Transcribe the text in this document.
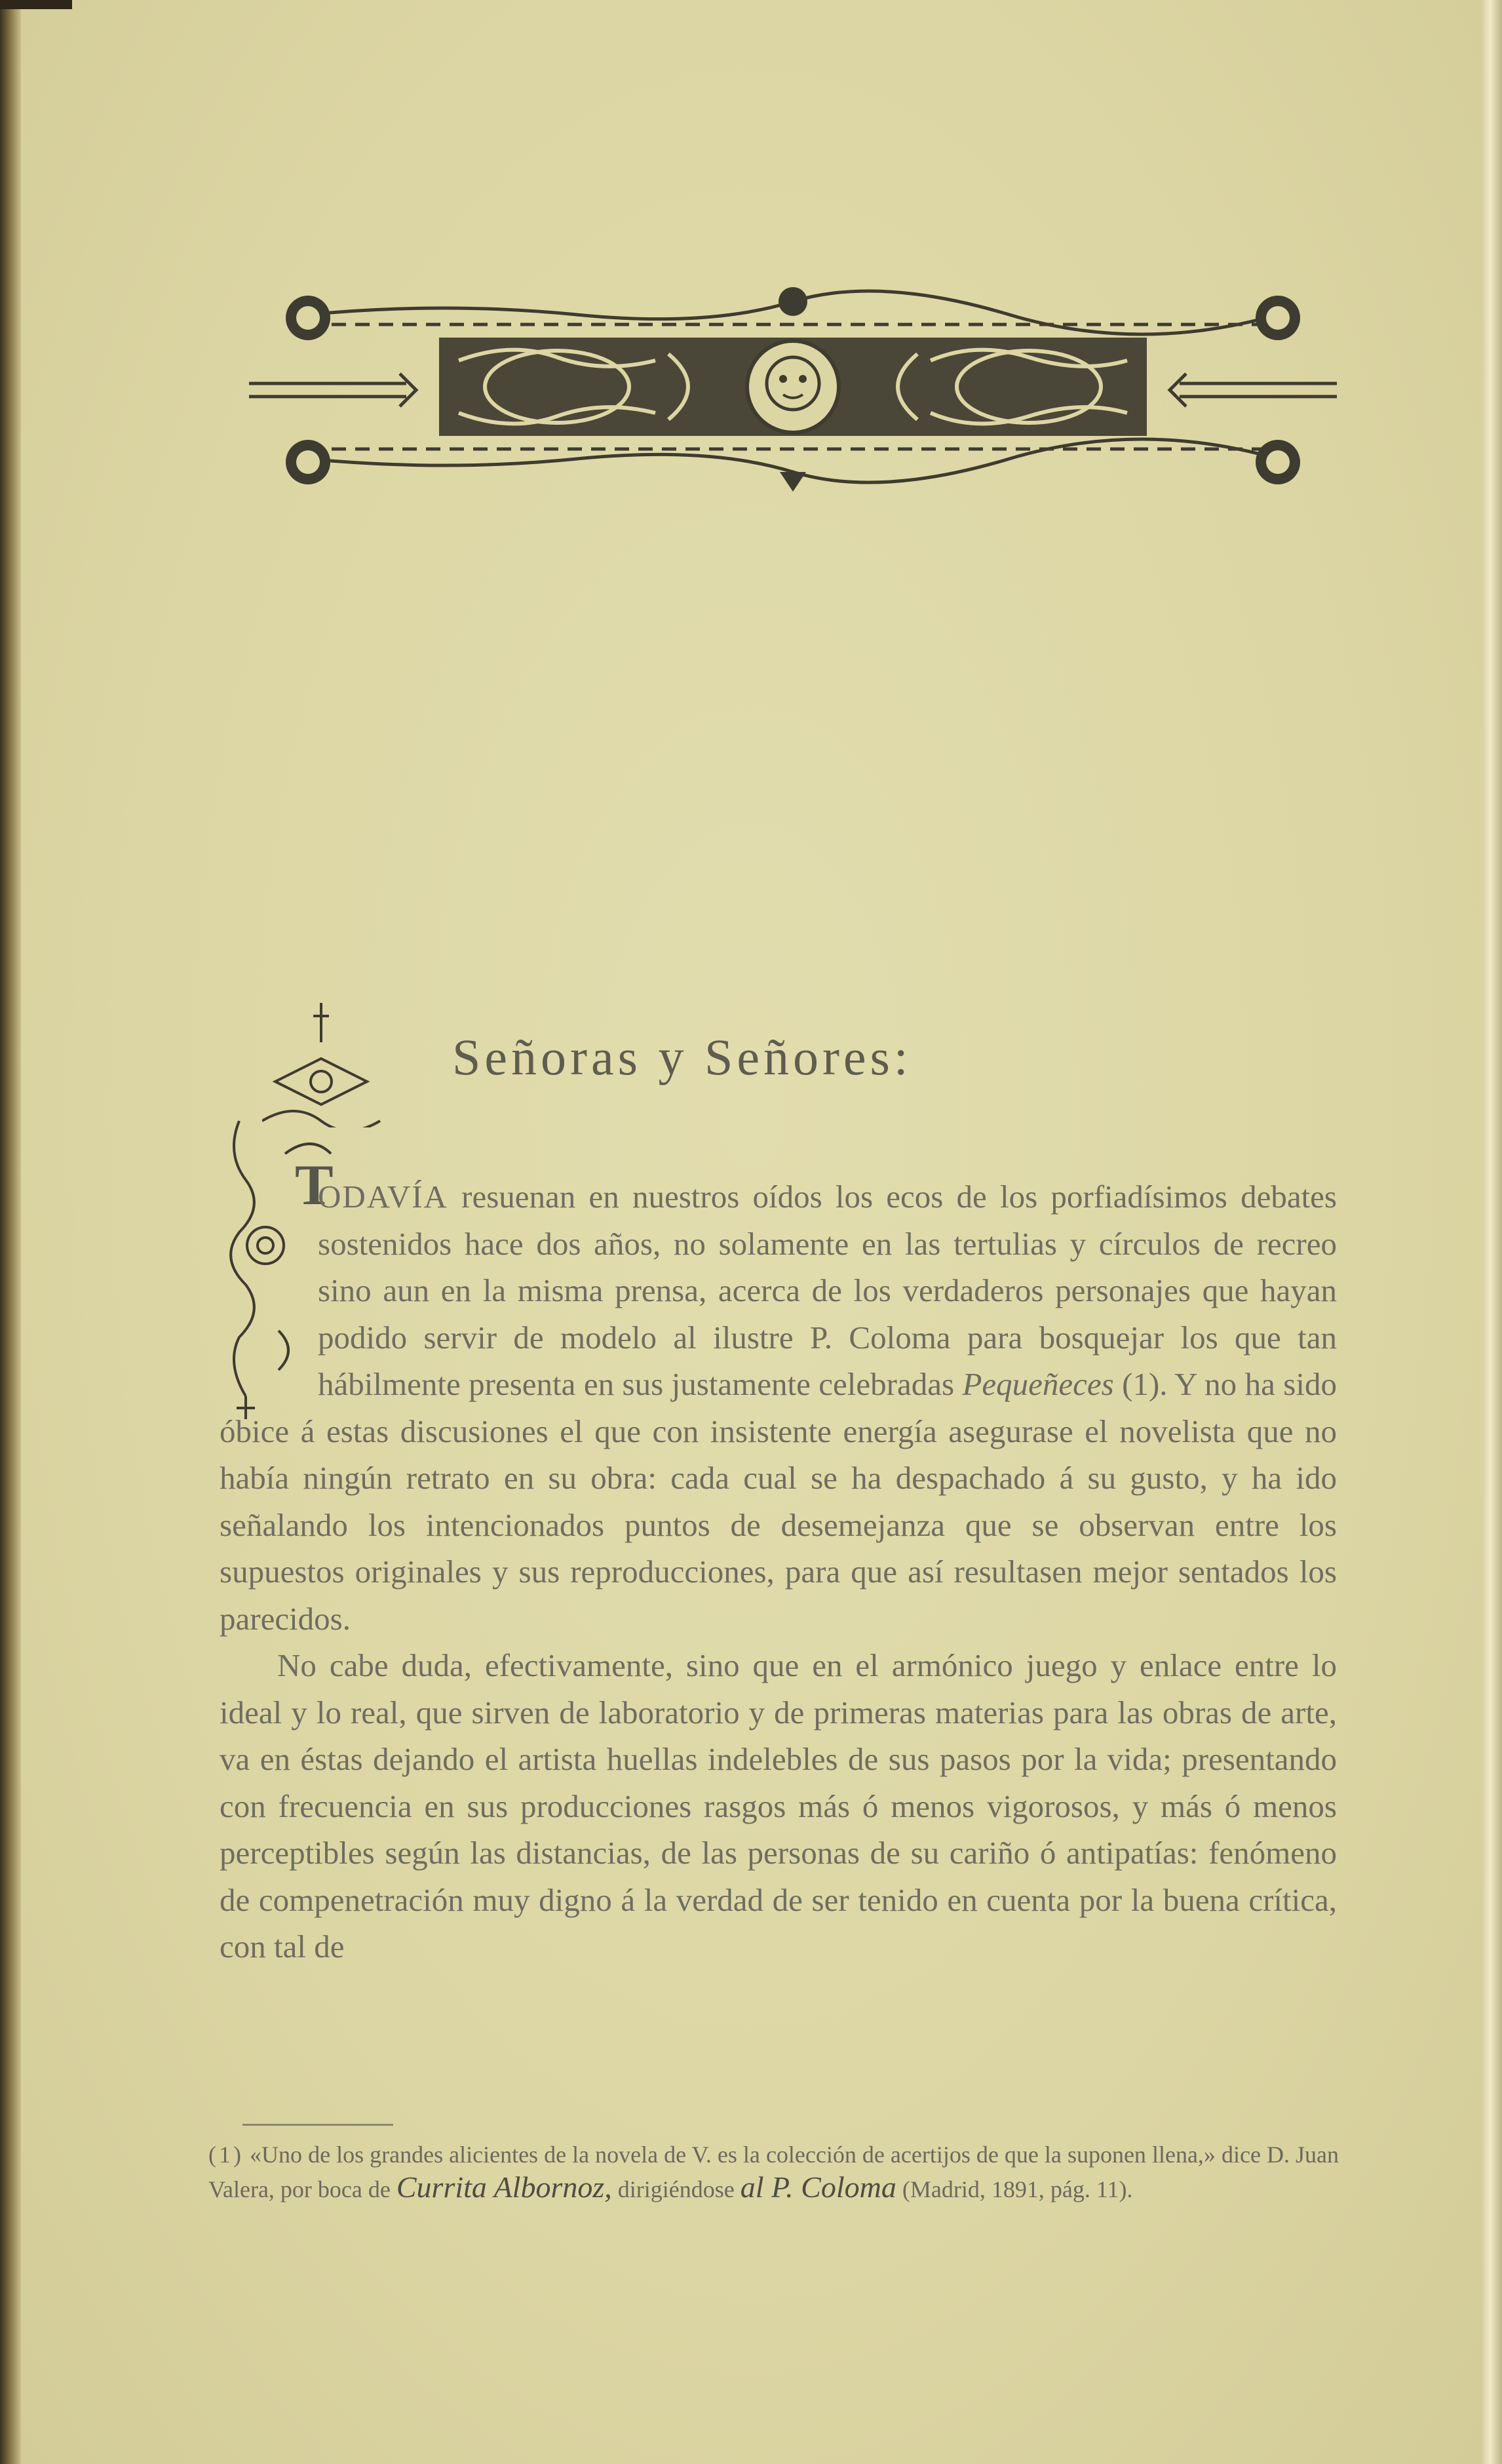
Señoras y Señores:
T

ODAVÍA resuenan en nuestros oídos los ecos de los porfiadísimos debates sostenidos hace dos años, no solamente en las tertulias y círculos de recreo sino aun en la misma prensa, acerca de los verdaderos personajes que hayan podido servir de modelo al ilustre P. Coloma para bosquejar los que tan hábilmente presenta en sus justamente celebradas Pequeñeces (1). Y no ha sido óbice á estas discusiones el que con insistente energía asegurase el novelista que no había ningún retrato en su obra: cada cual se ha despachado á su gusto, y ha ido señalando los intencionados puntos de desemejanza que se observan entre los supuestos originales y sus reproducciones, para que así resultasen mejor sentados los parecidos.

No cabe duda, efectivamente, sino que en el armónico juego y enlace entre lo ideal y lo real, que sirven de laboratorio y de primeras materias para las obras de arte, va en éstas dejando el artista huellas indelebles de sus pasos por la vida; presentando con frecuencia en sus producciones rasgos más ó menos vigorosos, y más ó menos perceptibles según las distancias, de las personas de su cariño ó antipatías: fenómeno de compenetración muy digno á la verdad de ser tenido en cuenta por la buena crítica, con tal de

(1) «Uno de los grandes alicientes de la novela de V. es la colección de acertijos de que la suponen llena,» dice D. Juan Valera, por boca de Currita Albornoz, dirigiéndose al P. Coloma (Madrid, 1891, pág. 11).
